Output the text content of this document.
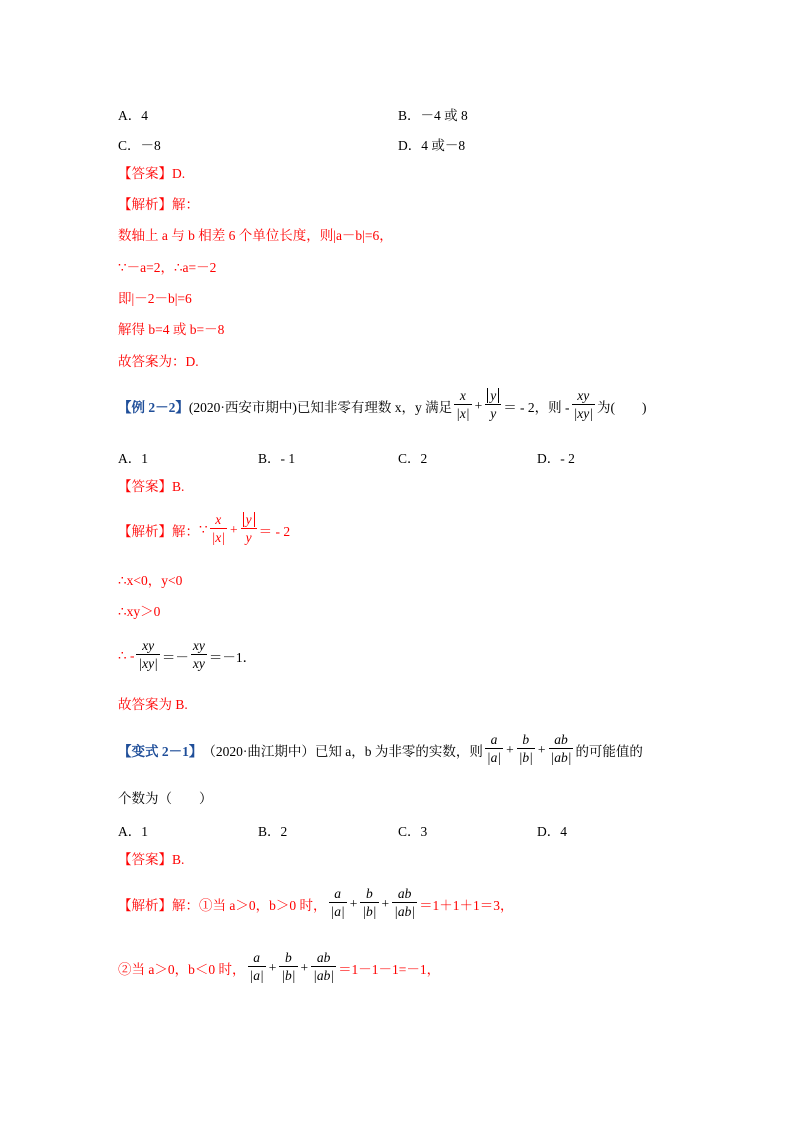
A．4	B．－4 或 8
C．－8	D．4 或－8
【答案】D.
【解析】解：
数轴上 a 与 b 相差 6 个单位长度，则|a－b|=6，
∵－a=2，∴a=－2
即|－2－b|=6
解得 b=4 或 b=－8
故答案为：D.
【例 2－2】 (2020·西安市期中)已知非零有理数 x，y 满足 $\frac{x}{|x|} + \frac{y}{y}$ ＝ - 2，则 - $\frac{xy}{|xy|}$ 为(　　)
A．1	B．- 1	C．2	D．- 2
【答案】B.
【解析】解： ∵ $\frac{x}{|x|} + \frac{y}{y}$ ＝ - 2
∴x<0，y<0
∴xy＞0
∴ - $\frac{xy}{|xy|} =- \frac{xy}{xy} =-1$．
故答案为 B.
【变式 2－1】 （2020·曲江期中）已知 a，b 为非零的实数，则 $\frac{a}{|a|} + \frac{b}{|b|} + \frac{ab}{|ab|}$ 的可能值的
个数为（　　）
A．1	B．2	C．3	D．4
【答案】B.
【解析】解： ①当 a＞0，b＞0 时， $\frac{a}{|a|} + \frac{b}{|b|} + \frac{ab}{|ab|} =1+1+1=3$，
②当 a＞0，b＜0 时， $\frac{a}{|a|} + \frac{b}{|b|} + \frac{ab}{|ab|} =1-1-1=-1$，
